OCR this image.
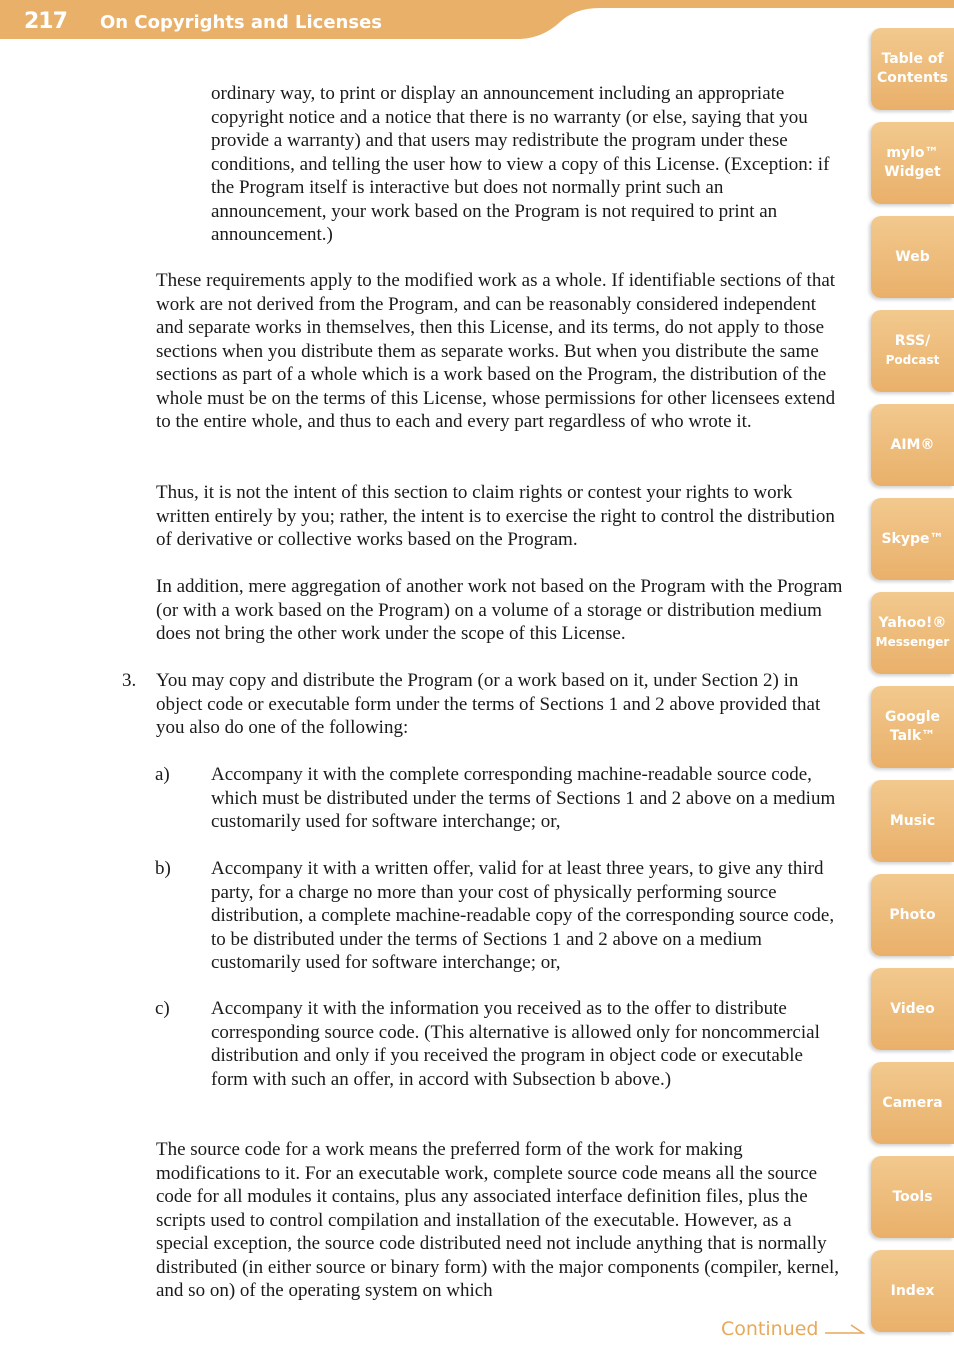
217 On Copyrights and Licenses

ordinary way, to print or display an announcement including an appropriate copyright notice and a notice that there is no warranty (or else, saying that you provide a warranty) and that users may redistribute the program under these conditions, and telling the user how to view a copy of this License. (Exception: if the Program itself is interactive but does not normally print such an announcement, your work based on the Program is not required to print an announcement.)

These requirements apply to the modified work as a whole. If identifiable sections of that work are not derived from the Program, and can be reasonably considered independent and separate works in themselves, then this License, and its terms, do not apply to those sections when you distribute them as separate works. But when you distribute the same sections as part of a whole which is a work based on the Program, the distribution of the whole must be on the terms of this License, whose permissions for other licensees extend to the entire whole, and thus to each and every part regardless of who wrote it.

Thus, it is not the intent of this section to claim rights or contest your rights to work written entirely by you; rather, the intent is to exercise the right to control the distribution of derivative or collective works based on the Program.

In addition, mere aggregation of another work not based on the Program with the Program (or with a work based on the Program) on a volume of a storage or distribution medium does not bring the other work under the scope of this License.

3. You may copy and distribute the Program (or a work based on it, under Section 2) in object code or executable form under the terms of Sections 1 and 2 above provided that you also do one of the following:

a) Accompany it with the complete corresponding machine-readable source code, which must be distributed under the terms of Sections 1 and 2 above on a medium customarily used for software interchange; or,

b) Accompany it with a written offer, valid for at least three years, to give any third party, for a charge no more than your cost of physically performing source distribution, a complete machine-readable copy of the corresponding source code, to be distributed under the terms of Sections 1 and 2 above on a medium customarily used for software interchange; or,

c) Accompany it with the information you received as to the offer to distribute corresponding source code. (This alternative is allowed only for noncommercial distribution and only if you received the program in object code or executable form with such an offer, in accord with Subsection b above.)

The source code for a work means the preferred form of the work for making modifications to it. For an executable work, complete source code means all the source code for all modules it contains, plus any associated interface definition files, plus the scripts used to control compilation and installation of the executable. However, as a special exception, the source code distributed need not include anything that is normally distributed (in either source or binary form) with the major components (compiler, kernel, and so on) of the operating system on which

Table of
Contents
mylo™
Widget
Web
RSS/
Podcast
AIM®
Skype™
Yahoo!®
Messenger
Google
Talk™
Music
Photo
Video
Camera
Tools
Index
Continued
